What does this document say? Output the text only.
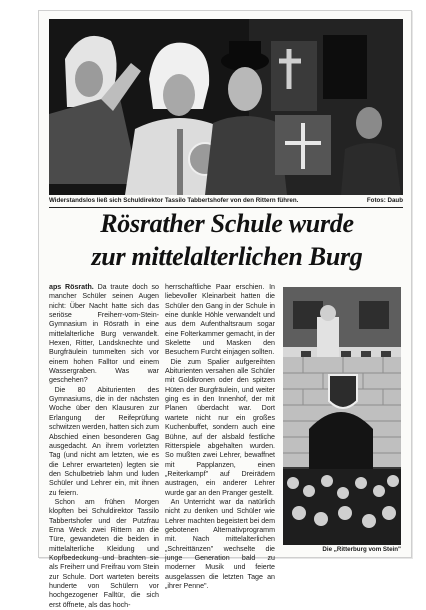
Widerstandslos ließ sich Schuldirektor Tassilo Tabbertshofer von den Rittern führen.	Fotos: Daub
Rösrather Schule wurde
zur mittelalterlichen Burg

aps Rösrath. Da traute doch so mancher Schüler seinen Augen nicht: Über Nacht hatte sich das seriöse Freiherr-vom-Stein-Gymnasium in Rösrath in eine mittelalterliche Burg verwandelt. Hexen, Ritter, Landsknechte und Burgfräulein tummelten sich vor einem hohen Falltor und einem Wassergraben. Was war geschehen?

Die 80 Abiturienten des Gymnasiums, die in der nächsten Woche über den Klausuren zur Erlangung der Reifeprüfung schwitzen werden, hatten sich zum Abschied einen besonderen Gag ausgedacht. An ihrem vorletzten Tag (und nicht am letzten, wie es die Lehrer erwarteten) legten sie den Schulbetrieb lahm und luden Schüler und Lehrer ein, mit ihnen zu feiern.

Schon am frühen Morgen klopften bei Schuldirektor Tassilo Tabbertshofer und der Putzfrau Erna Weck zwei Rittern an die Türe, gewandeten die beiden in mittelalterliche Kleidung und Kopfbedeckung und brachten sie als Freiherr und Freifrau vom Stein zur Schule. Dort warteten bereits hunderte von Schülern vor hochgezogener Falltür, die sich erst öffnete, als das hoch-

herrschaftliche Paar erschien. In liebevoller Kleinarbeit hatten die Schüler den Gang in der Schule in eine dunkle Höhle verwandelt und aus dem Aufenthaltsraum sogar eine Folterkammer gemacht, in der Skelette und Masken den Besuchern Furcht einjagen sollten.

Die zum Spalier aufgereihten Abiturienten versahen alle Schüler mit Goldkronen oder den spitzen Hüten der Burgfräulein, und weiter ging es in den Innenhof, der mit Planen überdacht war. Dort wartete nicht nur ein großes Kuchenbuffet, sondern auch eine Bühne, auf der alsbald festliche Ritterspiele abgehalten wurden. So mußten zwei Lehrer, bewaffnet mit Papplanzen, einen „Reiterkampf" auf Dreirädern austragen, ein anderer Lehrer wurde gar an den Pranger gestellt.

An Unterricht war da natürlich nicht zu denken und Schüler wie Lehrer machten begeistert bei dem gebotenen Alternativprogramm mit. Nach mittelalterlichen „Schreittänzen" wechselte die junge Generation bald zu moderner Musik und feierte ausgelassen die letzten Tage an „ihrer Penne".

Die „Ritterburg vom Stein"
